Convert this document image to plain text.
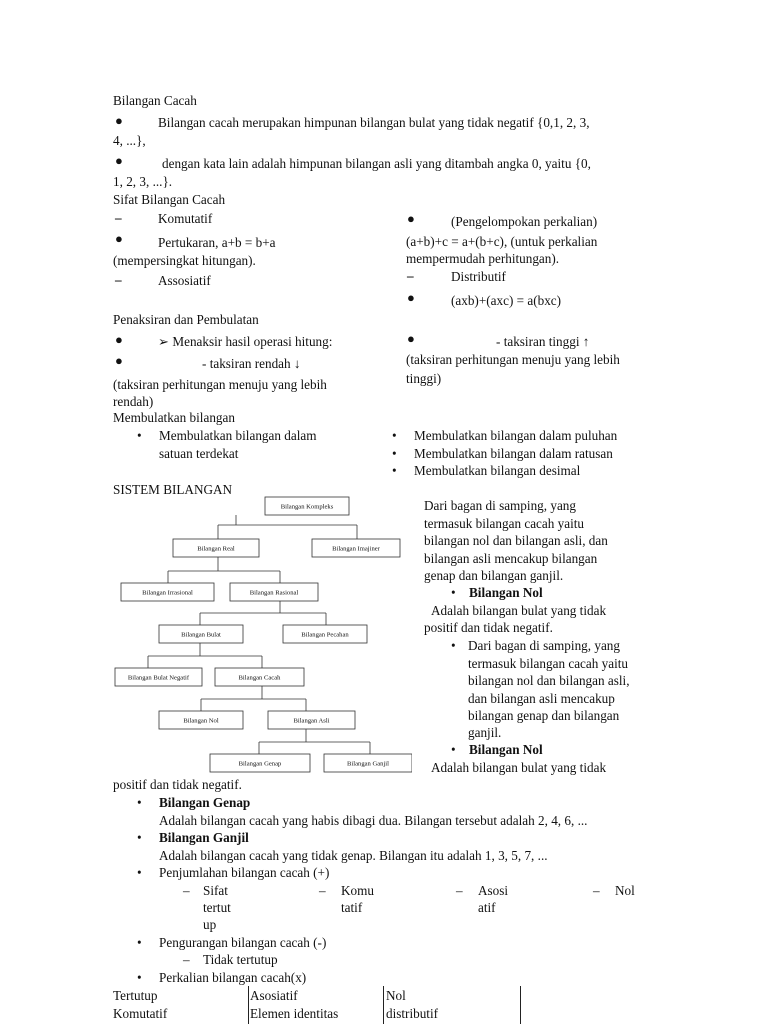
Bilangan Cacah
●	Bilangan cacah merupakan himpunan bilangan bulat yang tidak negatif {0,1, 2, 3,
4, ...},
●	dengan kata lain adalah himpunan bilangan asli yang ditambah angka 0, yaitu {0,
1, 2, 3, ...}.
Sifat Bilangan Cacah
–	Komutatif
●	Pertukaran, a+b = b+a
(mempersingkat hitungan).
–	Assosiatif
●	(Pengelompokan perkalian)
(a+b)+c = a+(b+c), (untuk perkalian
mempermudah perhitungan).
–	Distributif
●	(axb)+(axc) = a(bxc)
Penaksiran dan Pembulatan
●	➢ Menaksir hasil operasi hitung:
●	- taksiran rendah ↓
(taksiran perhitungan menuju yang lebih
rendah)
●	- taksiran tinggi ↑
(taksiran perhitungan menuju yang lebih
tinggi)
Membulatkan bilangan
• Membulatkan bilangan dalam
satuan terdekat
• Membulatkan bilangan dalam puluhan
• Membulatkan bilangan dalam ratusan
• Membulatkan bilangan desimal
SISTEM BILANGAN
Bilangan Kompleks
Bilangan Real	Bilangan Imajiner
Bilangan Irrasional	Bilangan Rasional
Bilangan Bulat	Bilangan Pecahan
Bilangan Bulat Negatif	Bilangan Cacah
Bilangan Nol	Bilangan Asli
Bilangan Genap	Bilangan Ganjil
Dari bagan di samping, yang
termasuk bilangan cacah yaitu
bilangan nol dan bilangan asli, dan
bilangan asli mencakup bilangan
genap dan bilangan ganjil.
• Bilangan Nol
Adalah bilangan bulat yang tidak
positif dan tidak negatif.
• Dari bagan di samping, yang
termasuk bilangan cacah yaitu
bilangan nol dan bilangan asli,
dan bilangan asli mencakup
bilangan genap dan bilangan
ganjil.
• Bilangan Nol
Adalah bilangan bulat yang tidak
positif dan tidak negatif.
• Bilangan Genap
Adalah bilangan cacah yang habis dibagi dua. Bilangan tersebut adalah 2, 4, 6, ...
• Bilangan Ganjil
Adalah bilangan cacah yang tidak genap. Bilangan itu adalah 1, 3, 5, 7, ...
• Penjumlahan bilangan cacah (+)
– Sifat
tertut
up
– Komu
tatif
– Asosi
atif
– Nol
• Pengurangan bilangan cacah (-)
– Tidak tertutup
• Perkalian bilangan cacah(x)
Tertutup	Asosiatif	Nol
Komutatif	Elemen identitas	distributif
